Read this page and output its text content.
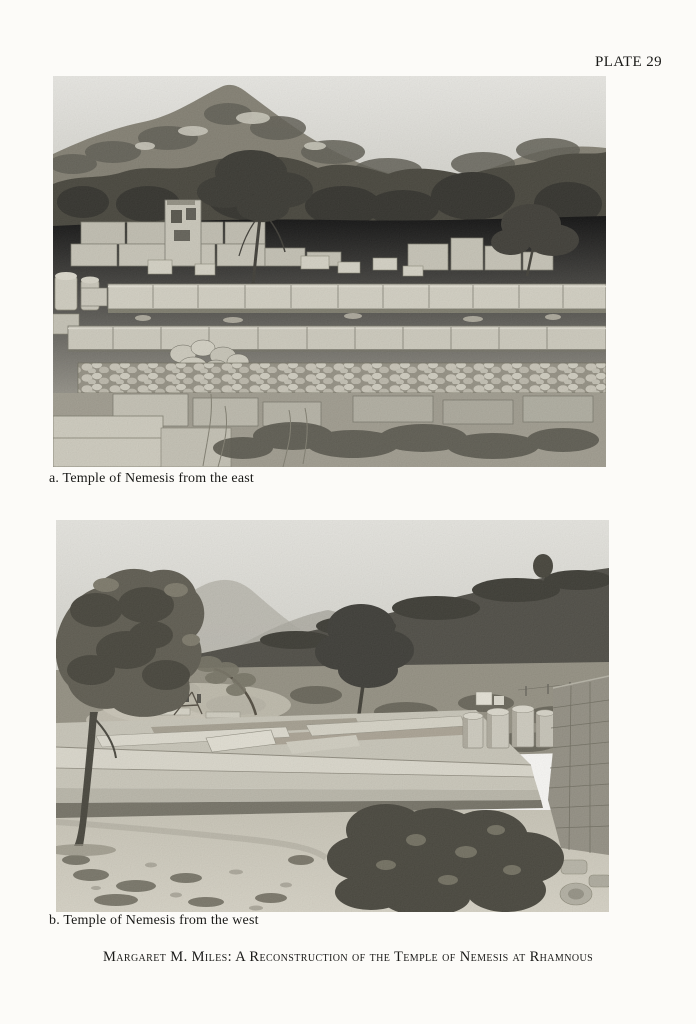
PLATE 29
a. Temple of Nemesis from the east
b. Temple of Nemesis from the west
Margaret M. Miles: A Reconstruction of the Temple of Nemesis at Rhamnous
